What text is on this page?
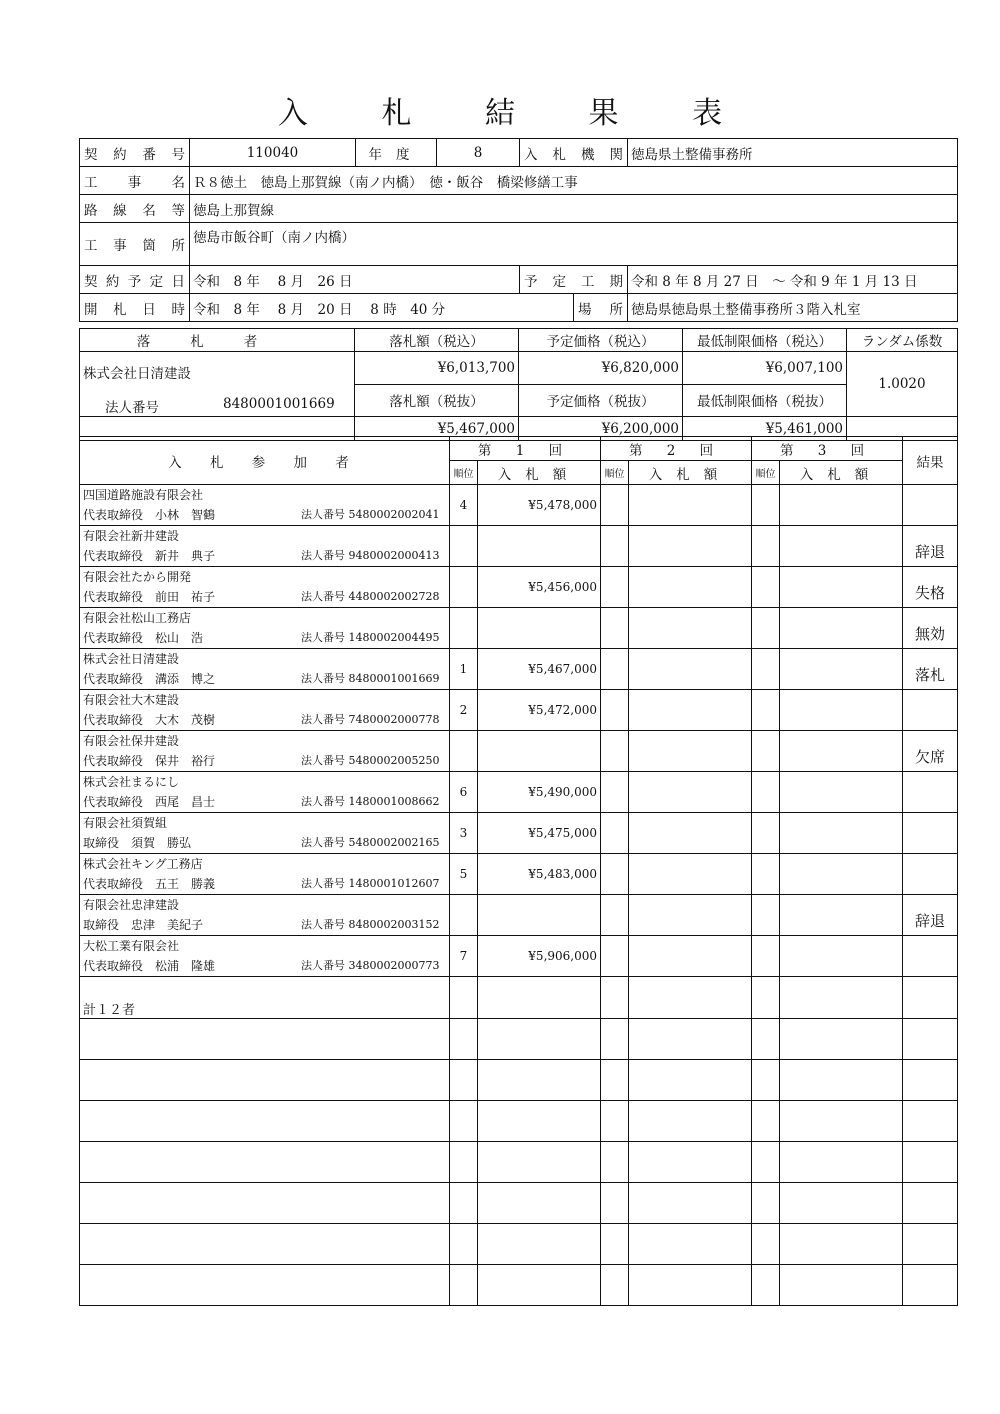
入 札 結 果 表
契約番号	110040	年度	8	入札機関		徳島県土整備事務所
工事名	Ｒ８徳土　徳島上那賀線（南ノ内橋）　徳・飯谷　橋梁修繕工事					
路線名等	徳島上那賀線					
工事箇所	徳島市飯谷町（南ノ内橋）					
契約予定日	令和　8 年　 8 月　26 日			予定工期		令和 8 年 8 月 27 日　～ 令和 9 年 1 月 13 日
開札日時	令和　8 年　 8 月　20 日　 8 時　40 分				場所	徳島県徳島県土整備事務所３階入札室
落札者	落札額（税込）	予定価格（税込）	最低制限価格（税込）	ランダム係数

株式会社日清建設
法人番号 8480001001669	¥6,013,700	¥6,820,000	¥6,007,100	1.0020
	落札額（税抜）	予定価格（税抜）	最低制限価格（税抜）	
	¥5,467,000	¥6,200,000	¥5,461,000	
入 札 参 加 者	第 1 回		第 2 回		第 3 回		結果
	順位	入札額	順位	入札額	順位	入札額	

四国道路施設有限会社
代表取締役　小林　智鶴 法人番号 5480002002041	4	¥5,478,000					

有限会社新井建設
代表取締役　新井　典子 法人番号 9480002000413							辞退

有限会社たから開発
代表取締役　前田　祐子 法人番号 4480002002728		¥5,456,000					失格

有限会社松山工務店
代表取締役　松山　浩 法人番号 1480002004495							無効

株式会社日清建設
代表取締役　溝添　博之 法人番号 8480001001669	1	¥5,467,000					落札

有限会社大木建設
代表取締役　大木　茂樹 法人番号 7480002000778	2	¥5,472,000					

有限会社保井建設
代表取締役　保井　裕行 法人番号 5480002005250							欠席

株式会社まるにし
代表取締役　西尾　昌士 法人番号 1480001008662	6	¥5,490,000					

有限会社須賀組
取締役　須賀　勝弘 法人番号 5480002002165	3	¥5,475,000					

株式会社キング工務店
代表取締役　五王　勝義 法人番号 1480001012607	5	¥5,483,000					

有限会社忠津建設
取締役　忠津　美紀子 法人番号 8480002003152							辞退

大松工業有限会社
代表取締役　松浦　隆雄 法人番号 3480002000773	7	¥5,906,000					
計１２者							
